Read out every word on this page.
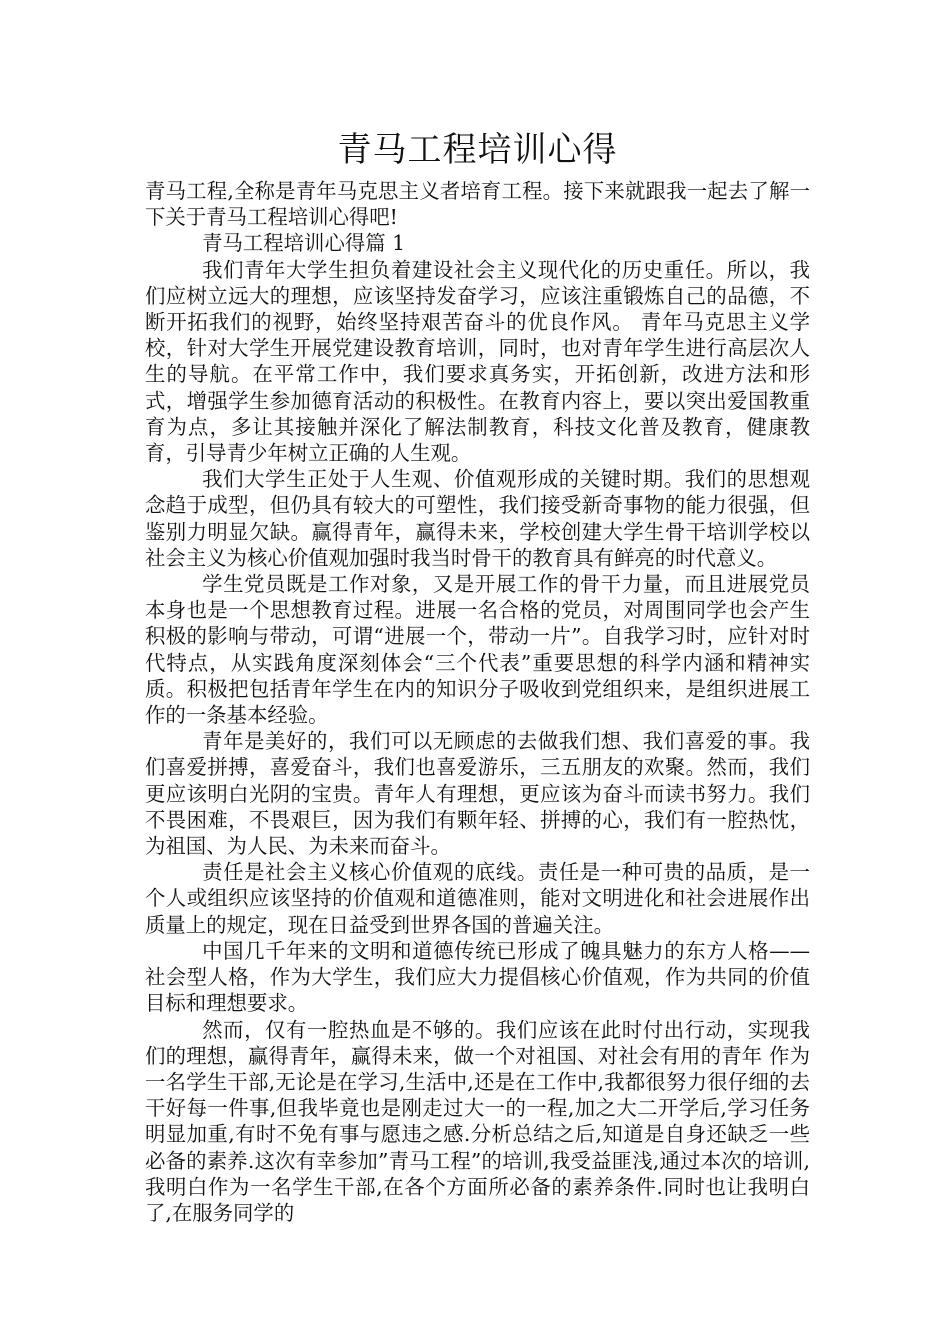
青马工程培训心得

青马工程,全称是青年马克思主义者培育工程。接下来就跟我一起去了解一下关于青马工程培训心得吧!

青马工程培训心得篇 1

我们青年大学生担负着建设社会主义现代化的历史重任。所以，我们应树立远大的理想，应该坚持发奋学习，应该注重锻炼自己的品德，不断开拓我们的视野，始终坚持艰苦奋斗的优良作风。 青年马克思主义学校，针对大学生开展党建设教育培训，同时，也对青年学生进行高层次人生的导航。在平常工作中，我们要求真务实，开拓创新，改进方法和形式，增强学生参加德育活动的积极性。在教育内容上，要以突出爱国教重育为点，多让其接触并深化了解法制教育，科技文化普及教育，健康教育，引导青少年树立正确的人生观。

我们大学生正处于人生观、价值观形成的关键时期。我们的思想观念趋于成型，但仍具有较大的可塑性，我们接受新奇事物的能力很强，但鉴别力明显欠缺。赢得青年，赢得未来，学校创建大学生骨干培训学校以社会主义为核心价值观加强时我当时骨干的教育具有鲜亮的时代意义。

学生党员既是工作对象，又是开展工作的骨干力量，而且进展党员本身也是一个思想教育过程。进展一名合格的党员，对周围同学也会产生积极的影响与带动，可谓“进展一个，带动一片”。自我学习时，应针对时代特点，从实践角度深刻体会“三个代表”重要思想的科学内涵和精神实质。积极把包括青年学生在内的知识分子吸收到党组织来，是组织进展工作的一条基本经验。

青年是美好的，我们可以无顾虑的去做我们想、我们喜爱的事。我们喜爱拼搏，喜爱奋斗，我们也喜爱游乐，三五朋友的欢聚。然而，我们更应该明白光阴的宝贵。青年人有理想，更应该为奋斗而读书努力。我们不畏困难，不畏艰巨，因为我们有颗年轻、拼搏的心，我们有一腔热忱，为祖国、为人民、为未来而奋斗。

责任是社会主义核心价值观的底线。责任是一种可贵的品质，是一个人或组织应该坚持的价值观和道德准则，能对文明进化和社会进展作出质量上的规定，现在日益受到世界各国的普遍关注。

中国几千年来的文明和道德传统已形成了魄具魅力的东方人格——社会型人格，作为大学生，我们应大力提倡核心价值观，作为共同的价值目标和理想要求。

然而，仅有一腔热血是不够的。我们应该在此时付出行动，实现我们的理想，赢得青年，赢得未来，做一个对祖国、对社会有用的青年 作为一名学生干部,无论是在学习,生活中,还是在工作中,我都很努力很仔细的去干好每一件事,但我毕竟也是刚走过大一的一程,加之大二开学后,学习任务明显加重,有时不免有事与愿违之感.分析总结之后,知道是自身还缺乏一些必备的素养.这次有幸参加”青马工程”的培训,我受益匪浅,通过本次的培训,我明白作为一名学生干部,在各个方面所必备的素养条件.同时也让我明白了,在服务同学的
